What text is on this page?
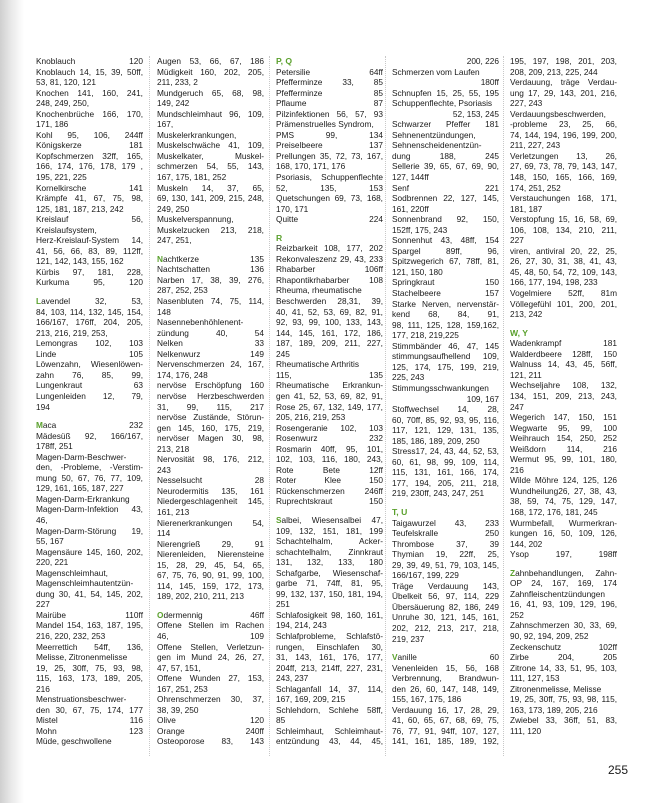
Knoblauch 120
Knoblauch 14, 15, 39, 50ff,
53, 81, 120, 121
Knochen 141, 160, 241,
248, 249, 250,
Knochenbrüche 166, 170,
171, 186
Kohl 95, 106, 244ff
Königskerze 181
Kopfschmerzen 32ff, 165,
166, 174, 176, 178, 179 ,
195, 221, 225
Kornelkirsche 141
Krämpfe 41, 67, 75, 98,
125, 181, 187, 213, 242
Kreislauf 56,
Kreislaufsystem,
Herz-Kreislauf-System 14,
41, 56, 66, 83, 89, 112ff,
121, 142, 143, 155, 162
Kürbis 97, 181, 228,
Kurkuma 95, 120
Lavendel 32, 53,
84, 103, 114, 132, 145, 154,
166/167, 176ff, 204, 205,
213, 216, 219, 253,
Lemongras 102, 103
Linde 105
Löwenzahn, Wiesenlöwen-
zahn 76, 85, 99,
Lungenkraut 63
Lungenleiden 12, 79,
194
Maca 232
Mädesüß 92, 166/167,
178ff, 251
Magen-Darm-Beschwer-
den, -Probleme, -Verstim-
mung 50, 67, 76, 77, 109,
129, 161, 165, 187, 227
Magen-Darm-Erkrankung
Magen-Darm-Infektion 43,
46,
Magen-Darm-Störung 19,
55, 167
Magensäure 145, 160, 202,
220, 221
Magenschleimhaut,
Magenschleimhautentzün-
dung 30, 41, 54, 145, 202,
227
Mairübe 110ff
Mandel 154, 163, 187, 195,
216, 220, 232, 253
Meerrettich 54ff, 136,
Melisse, Zitronenmelisse
19, 25, 30ff, 75, 93, 98,
115, 163, 173, 189, 205,
216
Menstruationsbeschwer-
den 30, 67, 75, 174, 177
Mistel 116
Mohn 123
Müde, geschwollene
Augen 53, 66, 67, 186
Müdigkeit 160, 202, 205,
211, 233, 2
Mundgeruch 65, 68, 98,
149, 242
Mundschleimhaut 96, 109,
167,
Muskelerkrankungen,
Muskelschwäche 41, 109,
Muskelkater, Muskel-
schmerzen 54, 55, 143,
167, 175, 181, 252
Muskeln 14, 37, 65,
69, 130, 141, 209, 215, 248,
249, 250
Muskelverspannung,
Muskelzucken 213, 218,
247, 251,
Nachtkerze 135
Nachtschatten 136
Narben 17, 38, 39, 276,
287, 252, 253
Nasenbluten 74, 75, 114,
148
Nasennebenhöhlenent-
zündung 40, 54
Nelken 33
Nelkenwurz 149
Nervenschmerzen 24, 167,
174, 176, 248
nervöse Erschöpfung 160
nervöse Herzbeschwerden
31, 99, 115, 217
nervöse Zustände, Störun-
gen 145, 160, 175, 219,
nervöser Magen 30, 98,
213, 218
Nervosität 98, 176, 212,
243
Nesselsucht 28
Neurodermitis 135, 161
Niedergeschlagenheit 145,
161, 213
Nierenerkrankungen 54,
114
Nierengrieß 29, 91
Nierenleiden, Nierensteine
15, 28, 29, 45, 54, 65,
67, 75, 76, 90, 91, 99, 100,
114, 145, 159, 172, 173,
189, 202, 210, 211, 213
Odermennig 46ff
Offene Stellen im Rachen
46, 109
Offene Stellen, Verletzun-
gen im Mund 24, 26, 27,
47, 57, 151,
Offene Wunden 27, 153,
167, 251, 253
Ohrenschmerzen 30, 37,
38, 39, 250
Olive 120
Orange 240ff
Osteoporose 83, 143
P, Q
Petersilie 64ff
Pfefferminze 33, 85
Pfefferminze 85
Pflaume 87
Pilzinfektionen 56, 57, 93
Prämenstruelles Syndrom,
PMS 99, 134
Preiselbeere 137
Prellungen 35, 72, 73, 167,
168, 170, 171, 176
Psoriasis, Schuppenflechte
52, 135, 153
Quetschungen 69, 73, 168,
170, 171
Quitte 224
R
Reizbarkeit 108, 177, 202
Rekonvaleszenz 29, 43, 233
Rhabarber 106ff
Rhapontikrhabarber 108
Rheuma, rheumatische
Beschwerden 28,31, 39,
40, 41, 52, 53, 69, 82, 91,
92, 93, 99, 100, 133, 143,
144, 145, 161, 172, 186,
187, 189, 209, 211, 227,
245
Rheumatische Arthritis
115, 135
Rheumatische Erkrankun-
gen 41, 52, 53, 69, 82, 91,
Rose 25, 67, 132, 149, 177,
205, 216, 219, 253
Rosengeranie 102, 103
Rosenwurz 232
Rosmarin 40ff, 95, 101,
102, 103, 116, 180, 243,
Rote Bete 12ff
Roter Klee 150
Rückenschmerzen 246ff
Ruprechtskraut 150
Salbei, Wiesensalbei 47,
109, 132, 151, 181, 199
Schachtelhalm, Acker-
schachtelhalm, Zinnkraut
131, 132, 133, 180
Schafgarbe, Wiesenschaf-
garbe 71, 74ff, 81, 95,
99, 132, 137, 150, 181, 194,
251
Schlafosigkeit 98, 160, 161,
194, 214, 243
Schlafprobleme, Schlafstö-
rungen, Einschlafen 30,
31, 143, 161, 176, 177,
204ff, 213, 214ff, 227, 231,
243, 237
Schlaganfall 14, 37, 114,
167, 169, 209, 215
Schlehdorn, Schlehe 58ff,
85
Schleimhaut, Schleimhaut-
entzündung 43, 44, 45,
200, 226
Schmerzen vom Laufen
180ff
Schnupfen 15, 25, 55, 195
Schuppenflechte, Psoriasis
52, 153, 245
Schwarzer Pfeffer 181
Sehnenentzündungen,
Sehnenscheidenentzün-
dung 188, 245
Sellerie 39, 65, 67, 69, 90,
127, 144ff
Senf 221
Sodbrennen 22, 127, 145,
161, 220ff
Sonnenbrand 92, 150,
152ff, 175, 243
Sonnenhut 43, 48ff, 154
Spargel 89ff, 96,
Spitzwegerich 67, 78ff, 81,
121, 150, 180
Springkraut 150
Stachelbeere 157
Starke Nerven, nervenstär-
kend 68, 84, 91,
98, 111, 125, 128, 159,162,
177, 218, 219,225
Stimmbänder 46, 47, 145
stimmungsaufhellend 109,
125, 174, 175, 199, 219,
225, 243
Stimmungsschwankungen
109, 167
Stoffwechsel 14, 28,
60, 70ff, 85, 92, 93, 95, 116,
117, 121, 129, 131, 135,
185, 186, 189, 209, 250
Stress17, 24, 43, 44, 52, 53,
60, 61, 98, 99, 109, 114,
115, 131, 161, 166, 174,
177, 194, 205, 211, 218,
219, 230ff, 243, 247, 251
T, U
Taigawurzel 43, 233
Teufelskralle 250
Thrombose 37, 39
Thymian 19, 22ff, 25,
29, 39, 49, 51, 79, 103, 145,
166/167, 199, 229
Träge Verdauung 143,
Übelkeit 56, 97, 114, 229
Übersäuerung 82, 186, 249
Unruhe 30, 121, 145, 161,
202, 212, 213, 217, 218,
219, 237
Vanille 60
Venenleiden 15, 56, 168
Verbrennung, Brandwun-
den 26, 60, 147, 148, 149,
155, 167, 175, 186
Verdauung 16, 17, 28, 29,
41, 60, 65, 67, 68, 69, 75,
76, 77, 91, 94ff, 107, 127,
141, 161, 185, 189, 192,
195, 197, 198, 201, 203,
208, 209, 213, 225, 244
Verdauung, träge Verdau-
ung 17, 29, 143, 201, 216,
227, 243
Verdauungsbeschwerden,
-probleme 23, 25, 66,
74, 144, 194, 196, 199, 200,
211, 227, 243
Verletzungen 13, 26,
27, 69, 73, 78, 79, 143, 147,
148, 150, 165, 166, 169,
174, 251, 252
Verstauchungen 168, 171,
181, 187
Verstopfung 15, 16, 58, 69,
106, 108, 134, 210, 211,
227
viren, antiviral 20, 22, 25,
26, 27, 30, 31, 38, 41, 43,
45, 48, 50, 54, 72, 109, 143,
166, 177, 194, 198, 233
Vogelmiere 52ff, 81m
Völlegefühl 101, 200, 201,
213, 242
W, Y
Wadenkrampf 181
Walderdbeere 128ff, 150
Walnuss 14, 43, 45, 56ff,
121, 211
Wechseljahre 108, 132,
134, 151, 209, 213, 243,
247
Wegerich 147, 150, 151
Wegwarte 95, 99, 100
Weihrauch 154, 250, 252
Weißdorn 114, 216
Wermut 95, 99, 101, 180,
216
Wilde Möhre 124, 125, 126
Wundheilung26, 27, 38, 43,
38, 59, 74, 75, 129, 147,
168, 172, 176, 181, 245
Wurmbefall, Wurmerkran-
kungen 16, 50, 109, 126,
144, 202
Ysop 197, 198ff
Zahnbehandlungen, Zahn-
OP 24, 167, 169, 174
Zahnfleischentzündungen
16, 41, 93, 109, 129, 196,
252
Zahnschmerzen 30, 33, 69,
90, 92, 194, 209, 252
Zeckenschutz 102ff
Zirbe 204, 205
Zitrone 14, 33, 51, 95, 103,
111, 127, 153
Zitronenmelisse, Melisse
19, 25, 30ff, 75, 93, 98, 115,
163, 173, 189, 205, 216
Zwiebel 33, 36ff, 51, 83,
111, 120
255
